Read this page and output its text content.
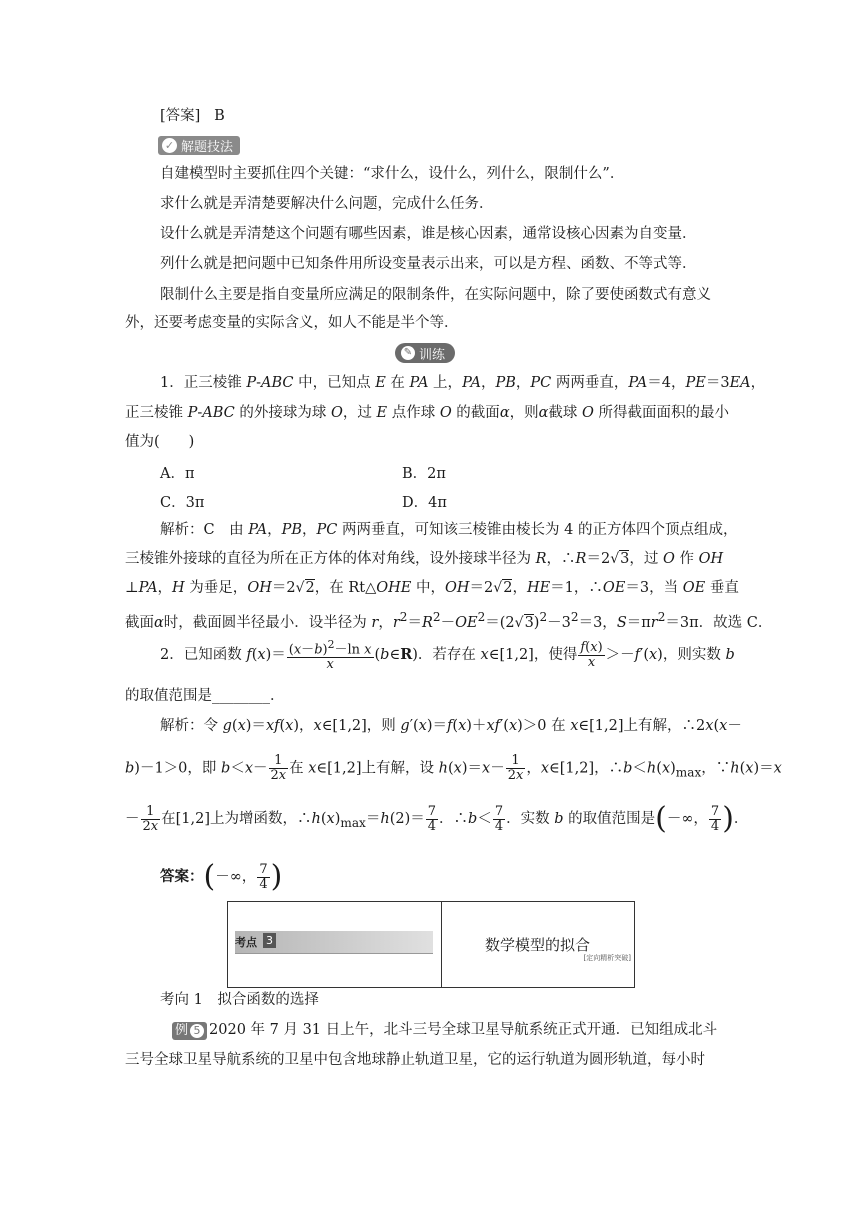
[答案] B
✓ 解题技法
自建模型时主要抓住四个关键：“求什么，设什么，列什么，限制什么”．
求什么就是弄清楚要解决什么问题，完成什么任务．
设什么就是弄清楚这个问题有哪些因素，谁是核心因素，通常设核心因素为自变量．
列什么就是把问题中已知条件用所设变量表示出来，可以是方程、函数、不等式等．
限制什么主要是指自变量所应满足的限制条件，在实际问题中，除了要使函数式有意义
外，还要考虑变量的实际含义，如人不能是半个等．
✎ 训练
1．正三棱锥 P-ABC 中，已知点 E 在 PA 上，PA，PB，PC 两两垂直，PA＝4，PE＝3EA，
正三棱锥 P-ABC 的外接球为球 O，过 E 点作球 O 的截面α，则α截球 O 所得截面面积的最小
值为(　　)
A．π	B．2π
C．3π	D．4π
解析：C　由 PA，PB，PC 两两垂直，可知该三棱锥由棱长为 4 的正方体四个顶点组成，
三棱锥外接球的直径为所在正方体的体对角线，设外接球半径为 R，∴R＝2√3，过 O 作 OH
⊥PA，H 为垂足，OH＝2√2，在 Rt△OHE 中，OH＝2√2，HE＝1，∴OE＝3，当 OE 垂直
截面α时，截面圆半径最小．设半径为 r，$r^2=R^2-OE^2=(2√3)^2-3^2=3$，$S=\pi r^2=3\pi$．故选 C．
2．已知函数 $f(x)= \frac{(x-b)^2-\ln x}{x}$ (b∈R)．若存在 x∈[1,2]，使得 $\frac{f(x)}{x} >-f'(x)$，则实数 b
的取值范围是________．
解析：令 g(x)＝xf(x)，x∈[1,2]，则 g′(x)＝f(x)＋xf′(x)＞0 在 x∈[1,2]上有解，∴2x(x－
b)－1＞0，即 $b<x- \frac{1}{2x}$ 在 x∈[1,2]上有解，设 $h(x)=x- \frac{1}{2x}$ ，x∈[1,2]，$\therefore b<h(x)_{max}$，∵h(x)＝x
－ $\frac{1}{2x}$ 在[1,2]上为增函数，$\therefore h(x)_{max}=h(2)= \frac{7}{4}$ ．∴b＜ $\frac{7}{4}$ ．实数 b 的取值范围是(－∞， $\frac{7}{4}$ )．
答案：(－∞， $\frac{7}{4}$ )
考点 3
[定向精析突破]
数学模型的拟合
考向 1　拟合函数的选择
例 5 2020 年 7 月 31 日上午，北斗三号全球卫星导航系统正式开通．已知组成北斗
三号全球卫星导航系统的卫星中包含地球静止轨道卫星，它的运行轨道为圆形轨道，每小时
